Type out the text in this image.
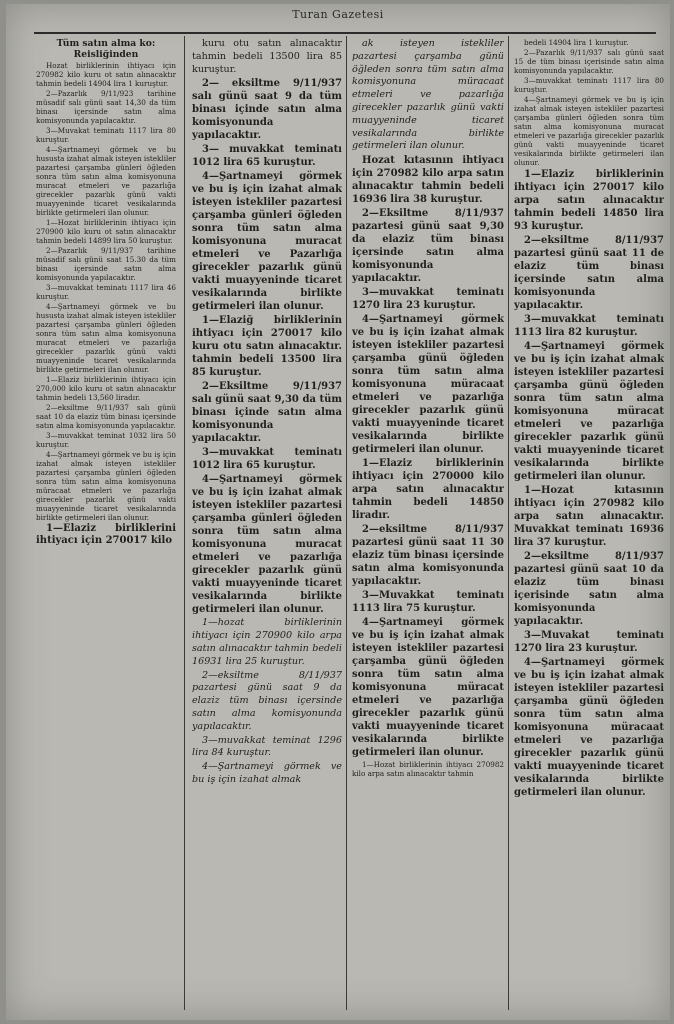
Turan Gazetesi

Tüm satın alma ko: Reisliğinden

Hozat birliklerinin ihtiyacı için 270982 kilo kuru ot satın alınacaktır tahmin bedeli 14904 lira 1 kuruştur.

2—Pazarlık 9/11/923 tarihine müsadif salı günü saat 14,30 da tüm binası içersinde satın alma komisyonunda yapılacaktır.

3—Muvakat teminatı 1117 lira 80 kuruştur.

4—Şartnameyi görmek ve bu hususta izahat almak isteyen istekliler pazartesi çarşamba günleri öğleden sonra tüm satın alma komisyonuna muracat etmeleri ve pazarlığa girecekler pazarlık günü vakti muayyeninde ticaret vesikalarında birlikte getirmeleri ilan olunur.

1—Hozat birliklerinin ihtiyacı için 270900 kilo kuru ot satın alınacaktır tahmin bedeli 14899 lira 50 kuruştur.

2—Pazarlık 9/11/937 tarihine müsadif salı günü saat 15.30 da tüm binası içersinde satın alma komisyonunda yapılacaktır.

3—muvakkat teminatı 1117 lira 46 kuruştur.

4—Şartnameyi görmek ve bu hususta izahat almak isteyen istekliler pazartesi çarşamba günleri öğleden sonra tüm satın alma komisyonuna muracat etmeleri ve pazarlığa girecekler pazarlık günü vakti muayyeninde ticaret vesikalarında birlikte getirmeleri ilan olunur.

1—Elaziz birliklerinin ihtiyacı için 270,000 kilo kuru ot satın alınacaktır tahmin bedeli 13,560 liradır.

2—eksiltme 9/11/937 salı günü saat 10 da elaziz tüm binası içersinde satın alma komisyonunda yapılacaktır.

3—muvakkat teminat 1032 lira 50 kuruştur.

4—Şartnameyi görmek ve bu iş için izahat almak isteyen istekliler pazartesi çarşamba günleri öğleden sonra tüm satın alma komisyonuna müracaat etmeleri ve pazarlığa girecekler pazarlık günü vakti muayyeninde ticaret vesikalarında birlikte getirmeleri ilan olunur.

1—Elaziz birliklerini ihtiyacı için 270017 kilo

kuru otu satın alınacaktır tahmin bedeli 13500 lira 85 kuruştur.

2— eksiltme 9/11/937 salı günü saat 9 da tüm binası içinde satın alma komisyonunda yapılacaktır.

3— muvakkat teminatı 1012 lira 65 kuruştur.

4—Şartnameyi görmek ve bu iş için izahat almak isteyen istekliler pazartesi çarşamba günleri öğleden sonra tüm satın alma komisyonuna muracat etmeleri ve Pazarlığa girecekler pazarlık günü vakti muayyeninde ticaret vesikalarında birlikte getirmeleri ilan olunur.

1—Elaziğ birliklerinin ihtiyacı için 270017 kilo kuru otu satın alınacaktır. tahmin bedeli 13500 lira 85 kuruştur.

2—Eksiltme 9/11/937 salı günü saat 9,30 da tüm binası içinde satın alma komisyonunda yapılacaktır.

3—muvakkat teminatı 1012 lira 65 kuruştur.

4—Şartnameyi görmek ve bu iş için izahat almak isteyen istekliler pazartesi çarşamba günleri öğleden sonra tüm satın alma komisyonuna muracat etmeleri ve pazarlığa girecekler pazarlık günü vakti muayyeninde ticaret vesikalarında birlikte getirmeleri ilan olunur.

1—hozat birliklerinin ihtiyacı için 270900 kilo arpa satın alınacaktır tahmin bedeli 16931 lira 25 kuruştur.

2—eksiltme 8/11/937 pazartesi günü saat 9 da elaziz tüm binası içersinde satın alma komisyonunda yapılacaktır.

3—muvakkat teminat 1296 lira 84 kuruştur.

4—Şartnameyi görmek ve bu iş için izahat almak

ak isteyen istekliler pazartesi çarşamba günü öğleden sonra tüm satın alma komisyonuna müracaat etmeleri ve pazarlığa girecekler pazarlık günü vakti muayyeninde ticaret vesikalarında birlikte getirmeleri ilan olunur.

Hozat kıtasının ihtiyacı için 270982 kilo arpa satın alınacaktır tahmin bedeli 16936 lira 38 kuruştur.

2—Eksiltme 8/11/937 pazartesi günü saat 9,30 da elaziz tüm binası içersinde satın alma komisyonunda yapılacaktır.

3—muvakkat teminatı 1270 lira 23 kuruştur.

4—Şartnameyi görmek ve bu iş için izahat almak isteyen istekliler pazartesi çarşamba günü öğleden sonra tüm satın alma komisyonuna müracaat etmeleri ve pazarlığa girecekler pazarlık günü vakti muayyeninde ticaret vesikalarında birlikte getirmeleri ilan olunur.

1—Elaziz birliklerinin ihtiyacı için 270000 kilo arpa satın alınacaktır tahmin bedeli 14850 liradır.

2—eksiltme 8/11/937 pazartesi günü saat 11 30 elaziz tüm binası içersinde satın alma komisyonunda yapılacaktır.

3—Muvakkat teminatı 1113 lira 75 kuruştur.

4—Şartnameyi görmek ve bu iş için izahat almak isteyen istekliler pazartesi çarşamba günü öğleden sonra tüm satın alma komisyonuna müracat etmeleri ve pazarlığa girecekler pazarlık günü vakti muayyeninde ticaret vesikalarında birlikte getirmeleri ilan olunur.

1—Hozat birliklerinin ihtiyacı 270982 kilo arpa satın alınacaktır tahmin

bedeli 14904 lira 1 kuruştur.

2—Pazarlık 9/11/937 salı günü saat 15 de tüm binası içerisinde satın alma komisyonunda yapılacaktır.

3—muvakkat teminatı 1117 lira 80 kuruştur.

4—Şartnameyi görmek ve bu iş için izahat almak isteyen istekliler pazartesi çarşamba günleri öğleden sonra tüm satın alma komisyonuna muracat etmeleri ve pazarlığa girecekler pazarlık günü vakti muayyeninde ticaret vesikalarında birlikte getirmeleri ilan olunur.

1—Elaziz birliklerinin ihtiyacı için 270017 kilo arpa satın alınacaktır tahmin bedeli 14850 lira 93 kuruştur.

2—eksiltme 8/11/937 pazartesi günü saat 11 de elaziz tüm binası içersinde satın alma komisyonunda yapılacaktır.

3—muvakkat teminatı 1113 lira 82 kuruştur.

4—Şartnameyi görmek ve bu iş için izahat almak isteyen istekliler pazartesi çarşamba günü öğleden sonra tüm satın alma komisyonuna müracat etmeleri ve pazarlığa girecekler pazarlık günü vakti muayyeninde ticaret vesikalarında birlikte getirmeleri ilan olunur.

1—Hozat kıtasının ihtiyacı için 270982 kilo arpa satın alınacaktır. Muvakkat teminatı 16936 lira 37 kuruştur.

2—eksiltme 8/11/937 pazartesi günü saat 10 da elaziz tüm binası içerisinde satın alma komisyonunda yapılacaktır.

3—Muvakat teminatı 1270 lira 23 kuruştur.

4—Şartnameyi görmek ve bu iş için izahat almak isteyen istekliler pazartesi çarşamba günü öğleden sonra tüm satın alma komisyonuna müracaat etmeleri ve pazarlığa girecekler pazarlık günü vakti muayyeninde ticaret vesikalarında birlikte getirmeleri ilan olunur.
